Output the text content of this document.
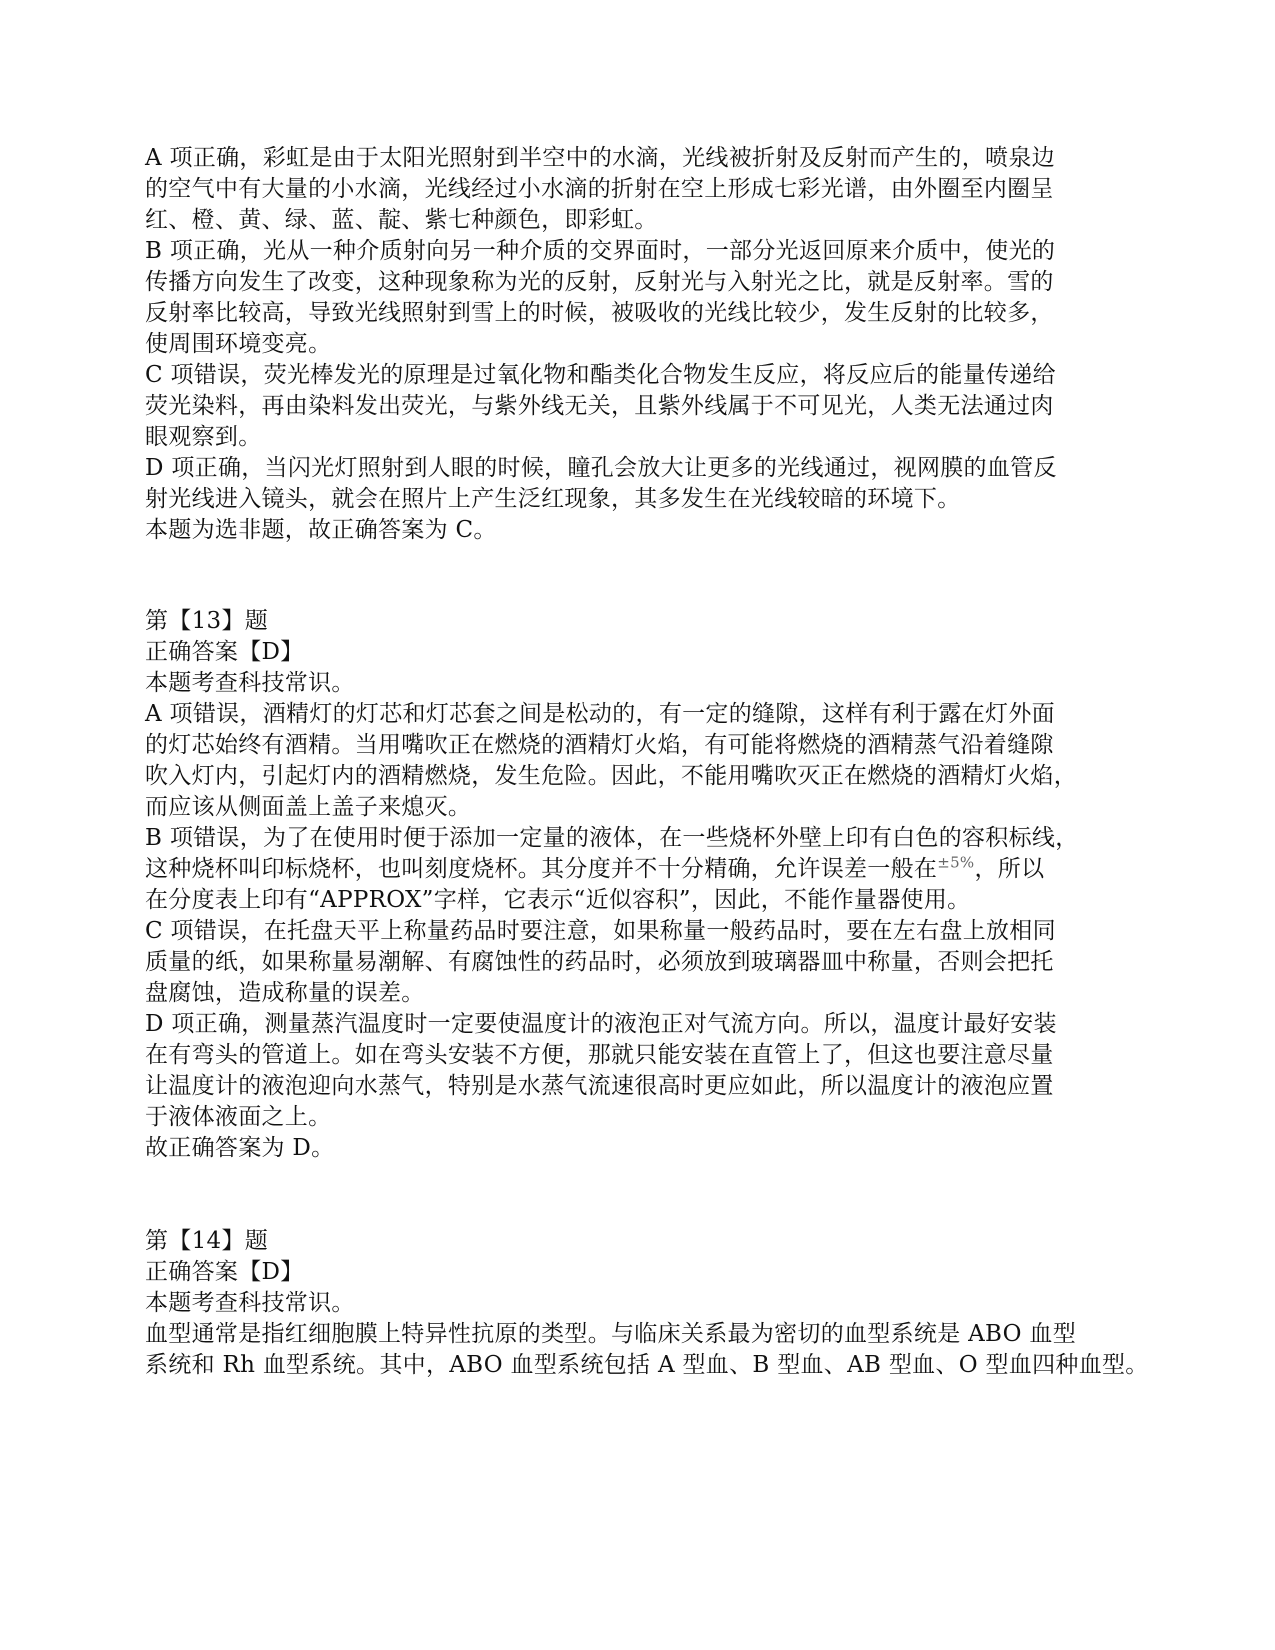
A 项正确，彩虹是由于太阳光照射到半空中的水滴，光线被折射及反射而产生的，喷泉边
的空气中有大量的小水滴，光线经过小水滴的折射在空上形成七彩光谱，由外圈至内圈呈
红、橙、黄、绿、蓝、靛、紫七种颜色，即彩虹。
B 项正确，光从一种介质射向另一种介质的交界面时，一部分光返回原来介质中，使光的
传播方向发生了改变，这种现象称为光的反射，反射光与入射光之比，就是反射率。雪的
反射率比较高，导致光线照射到雪上的时候，被吸收的光线比较少，发生反射的比较多，
使周围环境变亮。
C 项错误，荧光棒发光的原理是过氧化物和酯类化合物发生反应，将反应后的能量传递给
荧光染料，再由染料发出荧光，与紫外线无关，且紫外线属于不可见光，人类无法通过肉
眼观察到。
D 项正确，当闪光灯照射到人眼的时候，瞳孔会放大让更多的光线通过，视网膜的血管反
射光线进入镜头，就会在照片上产生泛红现象，其多发生在光线较暗的环境下。
本题为选非题，故正确答案为 C。
第【13】题
正确答案【D】
本题考查科技常识。
A 项错误，酒精灯的灯芯和灯芯套之间是松动的，有一定的缝隙，这样有利于露在灯外面
的灯芯始终有酒精。当用嘴吹正在燃烧的酒精灯火焰，有可能将燃烧的酒精蒸气沿着缝隙
吹入灯内，引起灯内的酒精燃烧，发生危险。因此，不能用嘴吹灭正在燃烧的酒精灯火焰，
而应该从侧面盖上盖子来熄灭。
B 项错误，为了在使用时便于添加一定量的液体，在一些烧杯外壁上印有白色的容积标线，
这种烧杯叫印标烧杯，也叫刻度烧杯。其分度并不十分精确，允许误差一般在$^{\pm 5\%}$，所以
在分度表上印有“APPROX”字样，它表示“近似容积”，因此，不能作量器使用。
C 项错误，在托盘天平上称量药品时要注意，如果称量一般药品时，要在左右盘上放相同
质量的纸，如果称量易潮解、有腐蚀性的药品时，必须放到玻璃器皿中称量，否则会把托
盘腐蚀，造成称量的误差。
D 项正确，测量蒸汽温度时一定要使温度计的液泡正对气流方向。所以，温度计最好安装
在有弯头的管道上。如在弯头安装不方便，那就只能安装在直管上了，但这也要注意尽量
让温度计的液泡迎向水蒸气，特别是水蒸气流速很高时更应如此，所以温度计的液泡应置
于液体液面之上。
故正确答案为 D。
第【14】题
正确答案【D】
本题考查科技常识。
血型通常是指红细胞膜上特异性抗原的类型。与临床关系最为密切的血型系统是 ABO 血型
系统和 Rh 血型系统。其中，ABO 血型系统包括 A 型血、B 型血、AB 型血、O 型血四种血型。
